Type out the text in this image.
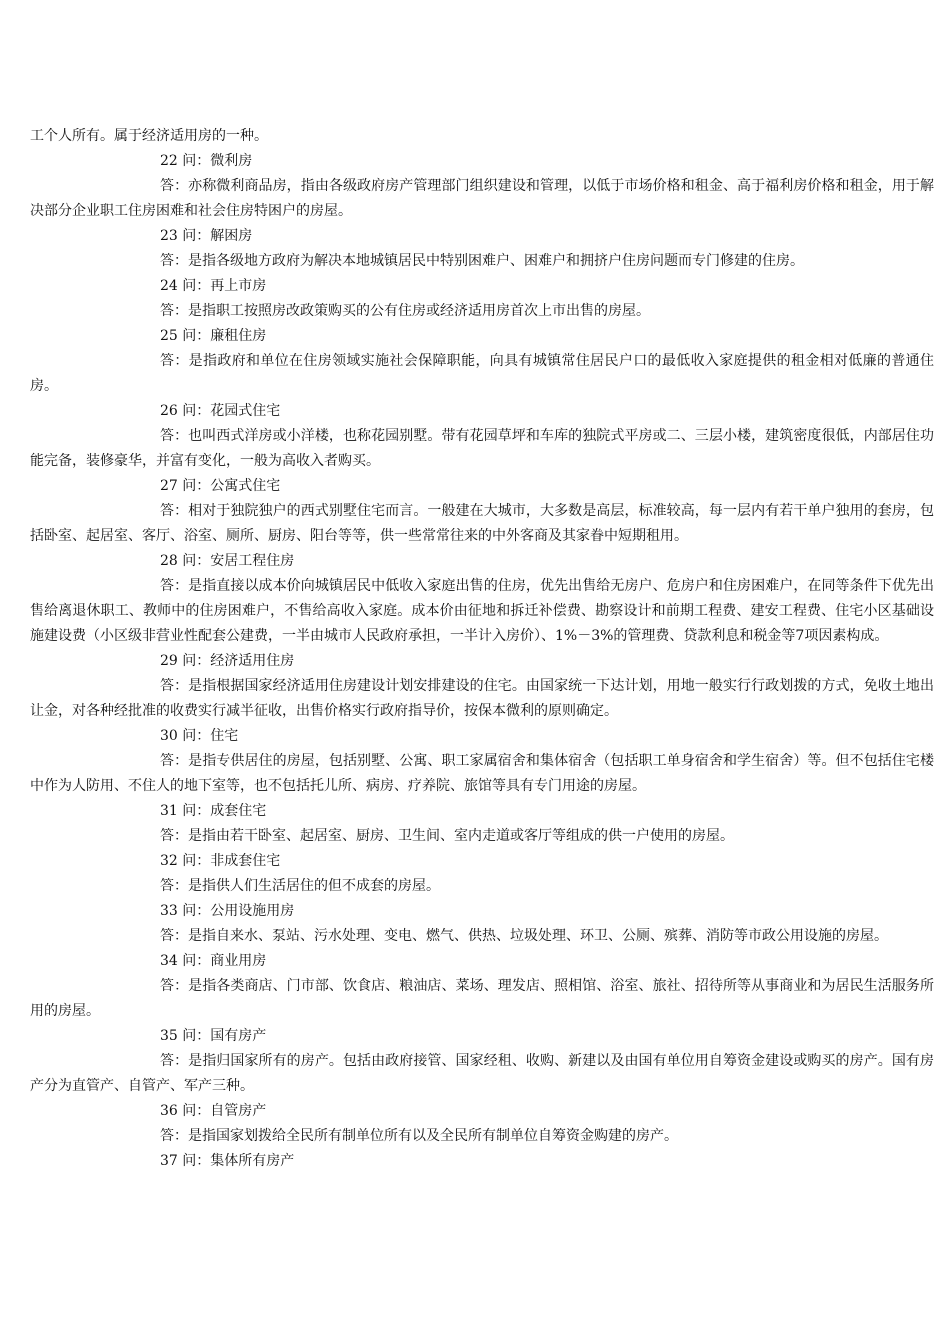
工个人所有。属于经济适用房的一种。

22 问：微利房

答：亦称微利商品房，指由各级政府房产管理部门组织建设和管理，以低于市场价格和租金、高于福利房价格和租金，用于解决部分企业职工住房困难和社会住房特困户的房屋。

23 问：解困房

答：是指各级地方政府为解决本地城镇居民中特别困难户、困难户和拥挤户住房问题而专门修建的住房。

24 问：再上市房

答：是指职工按照房改政策购买的公有住房或经济适用房首次上市出售的房屋。

25 问：廉租住房

答：是指政府和单位在住房领域实施社会保障职能，向具有城镇常住居民户口的最低收入家庭提供的租金相对低廉的普通住房。

26 问：花园式住宅

答：也叫西式洋房或小洋楼，也称花园别墅。带有花园草坪和车库的独院式平房或二、三层小楼，建筑密度很低，内部居住功能完备，装修豪华，并富有变化，一般为高收入者购买。

27 问：公寓式住宅

答：相对于独院独户的西式别墅住宅而言。一般建在大城市，大多数是高层，标准较高，每一层内有若干单户独用的套房，包括卧室、起居室、客厅、浴室、厕所、厨房、阳台等等，供一些常常往来的中外客商及其家眷中短期租用。

28 问：安居工程住房

答：是指直接以成本价向城镇居民中低收入家庭出售的住房，优先出售给无房户、危房户和住房困难户，在同等条件下优先出售给离退休职工、教师中的住房困难户，不售给高收入家庭。成本价由征地和拆迁补偿费、勘察设计和前期工程费、建安工程费、住宅小区基础设施建设费（小区级非营业性配套公建费，一半由城市人民政府承担，一半计入房价）、1%－3%的管理费、贷款利息和税金等7项因素构成。

29 问：经济适用住房

答：是指根据国家经济适用住房建设计划安排建设的住宅。由国家统一下达计划，用地一般实行行政划拨的方式，免收土地出让金，对各种经批准的收费实行减半征收，出售价格实行政府指导价，按保本微利的原则确定。

30 问：住宅

答：是指专供居住的房屋，包括别墅、公寓、职工家属宿舍和集体宿舍（包括职工单身宿舍和学生宿舍）等。但不包括住宅楼中作为人防用、不住人的地下室等，也不包括托儿所、病房、疗养院、旅馆等具有专门用途的房屋。

31 问：成套住宅

答：是指由若干卧室、起居室、厨房、卫生间、室内走道或客厅等组成的供一户使用的房屋。

32 问：非成套住宅

答：是指供人们生活居住的但不成套的房屋。

33 问：公用设施用房

答：是指自来水、泵站、污水处理、变电、燃气、供热、垃圾处理、环卫、公厕、殡葬、消防等市政公用设施的房屋。

34 问：商业用房

答：是指各类商店、门市部、饮食店、粮油店、菜场、理发店、照相馆、浴室、旅社、招待所等从事商业和为居民生活服务所用的房屋。

35 问：国有房产

答：是指归国家所有的房产。包括由政府接管、国家经租、收购、新建以及由国有单位用自筹资金建设或购买的房产。国有房产分为直管产、自管产、军产三种。

36 问：自管房产

答：是指国家划拨给全民所有制单位所有以及全民所有制单位自筹资金购建的房产。

37 问：集体所有房产
